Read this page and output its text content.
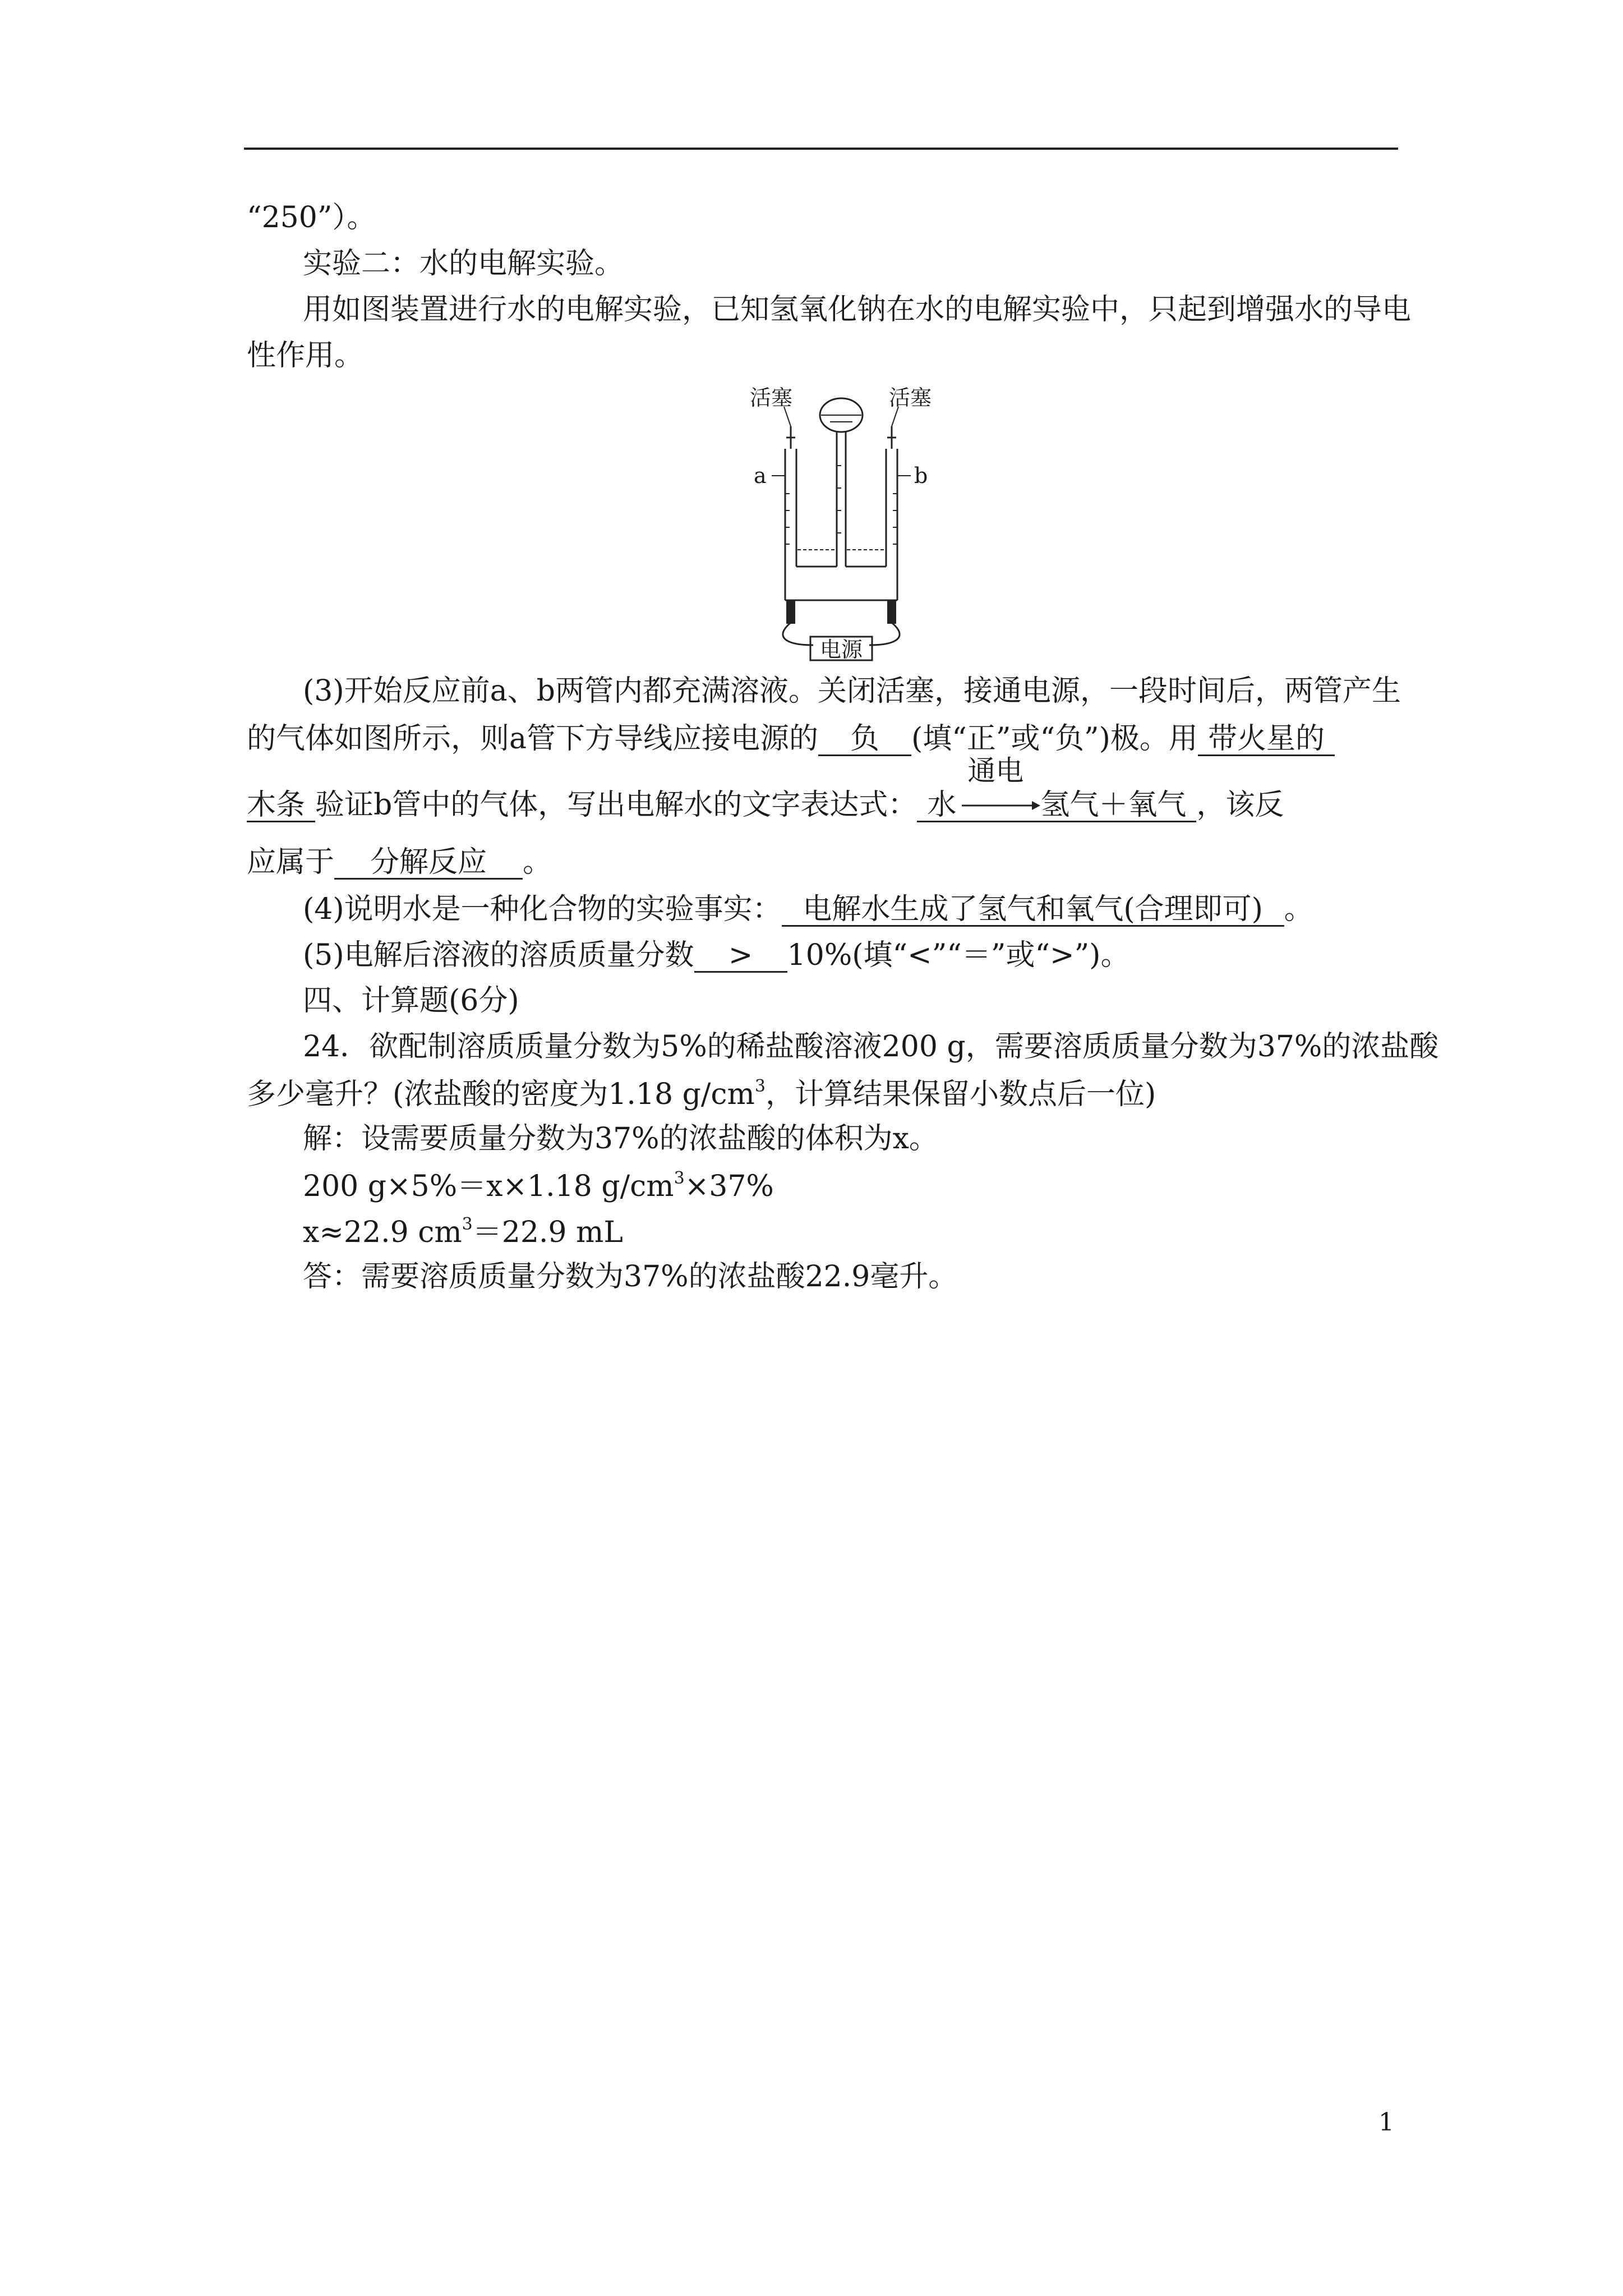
“250”）。
实验二：水的电解实验。
用如图装置进行水的电解实验，已知氢氧化钠在水的电解实验中，只起到增强水的导电
性作用。
活塞	活塞
a	b
电源
(3)开始反应前a、b两管内都充满溶液。关闭活塞，接通电源，一段时间后，两管产生
的气体如图所示，则a管下方导线应接电源的 负 (填“正”或“负”)极。用 带火星的
木条 验证b管中的气体，写出电解水的文字表达式： 水
通电
氢气＋氧气 ，该反
应属于 分解反应 。
(4)说明水是一种化合物的实验事实： 电解水生成了氢气和氧气(合理即可) 。
(5)电解后溶液的溶质质量分数 > 10%(填“<”“＝”或“>”)。
四、计算题(6分)
24．欲配制溶质质量分数为5%的稀盐酸溶液200 g，需要溶质质量分数为37%的浓盐酸
多少毫升？(浓盐酸的密度为1.18 $g/cm^3$，计算结果保留小数点后一位)
解：设需要质量分数为37%的浓盐酸的体积为x。
200 g×5%＝x×1.18 $g/cm^3\times 37\%$
x≈22.9 $cm^3=22.9$ mL
答：需要溶质质量分数为37%的浓盐酸22.9毫升。
1
